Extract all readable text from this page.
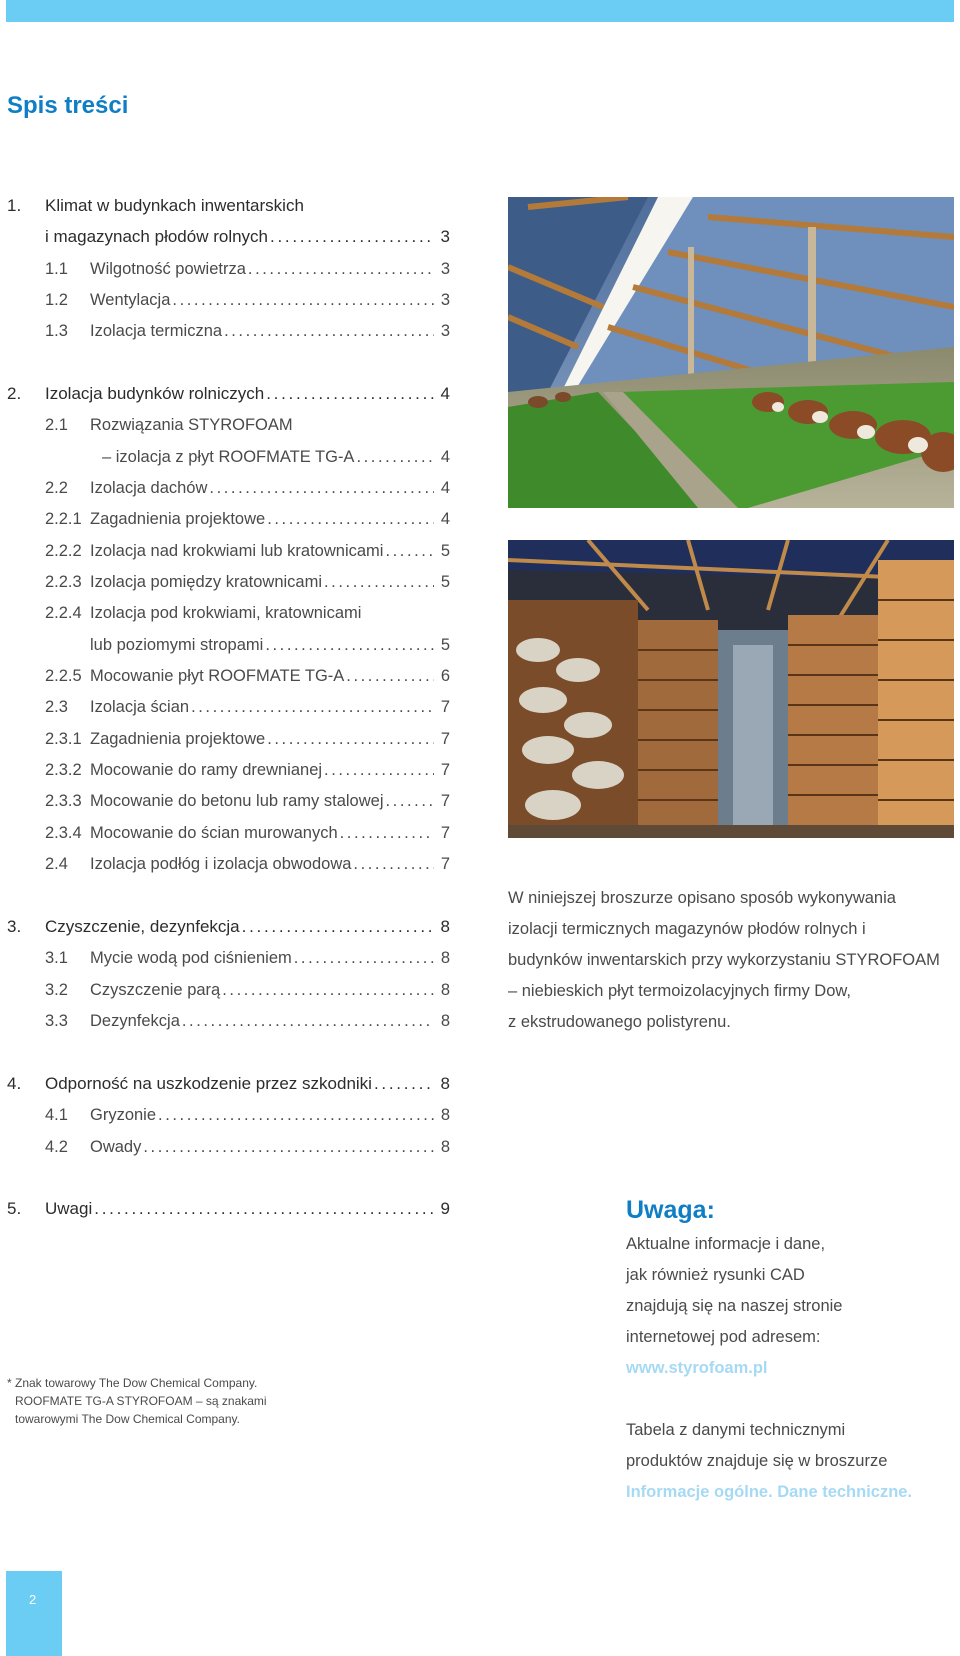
Spis treści
1.	Klimat w budynkach inwentarskich
i magazynach płodów rolnych . . .	3
1.1	Wilgotność powietrza . . .	3
1.2	Wentylacja . . .	3
1.3	Izolacja termiczna . . .	3
2.	Izolacja budynków rolniczych . . .	4
2.1	Rozwiązania STYROFOAM
– izolacja z płyt ROOFMATE TG-A . . .	4
2.2	Izolacja dachów . . .	4
2.2.1 Zagadnienia projektowe . . .	4
2.2.2 Izolacja nad krokwiami lub kratownicami . . .	5
2.2.3 Izolacja pomiędzy kratownicami . . .	5
2.2.4 Izolacja pod krokwiami, kratownicami
lub poziomymi stropami . . .	5
2.2.5 Mocowanie płyt ROOFMATE TG-A . . .	6
2.3	Izolacja ścian . . .	7
2.3.1 Zagadnienia projektowe . . .	7
2.3.2 Mocowanie do ramy drewnianej . . .	7
2.3.3 Mocowanie do betonu lub ramy stalowej . . .	7
2.3.4 Mocowanie do ścian murowanych . . .	7
2.4	Izolacja podłóg i izolacja obwodowa . . .	7
3.	Czyszczenie, dezynfekcja . . .	8
3.1	Mycie wodą pod ciśnieniem . . .	8
3.2	Czyszczenie parą . . .	8
3.3	Dezynfekcja . . .	8
4.	Odporność na uszkodzenie przez szkodniki . . .	8
4.1	Gryzonie . . .	8
4.2	Owady . . .	8
5.	Uwagi . . .	9

W niniejszej broszurze opisano sposób wykonywania

izolacji termicznych magazynów płodów rolnych i

budynków inwentarskich przy wykorzystaniu STYROFOAM

– niebieskich płyt termoizolacyjnych firmy Dow,

z ekstrudowanego polistyrenu.

* Znak towarowy The Dow Chemical Company.

ROOFMATE TG-A STYROFOAM – są znakami

towarowymi The Dow Chemical Company.

Uwaga:

Aktualne informacje i dane,

jak również rysunki CAD

znajdują się na naszej stronie

internetowej pod adresem:

www.styrofoam.pl

Tabela z danymi technicznymi

produktów znajduje się w broszurze

Informacje ogólne. Dane techniczne.

2
